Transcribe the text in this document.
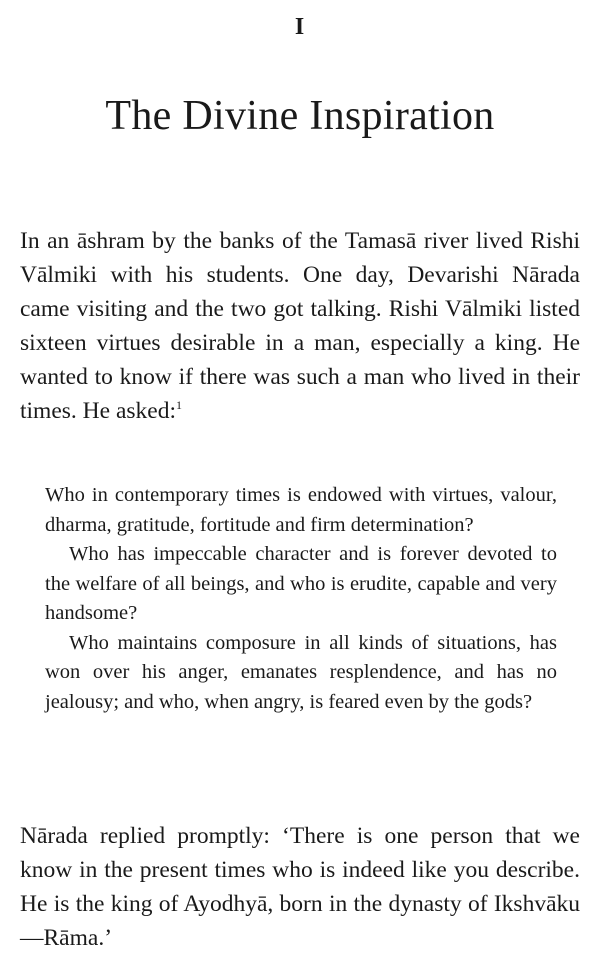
I
The Divine Inspiration

In an āshram by the banks of the Tamasā river lived Rishi Vālmiki with his students. One day, Devarishi Nārada came visiting and the two got talking. Rishi Vālmiki listed sixteen virtues desirable in a man, especially a king. He wanted to know if there was such a man who lived in their times. He asked:$^1$

Who in contemporary times is endowed with virtues, valour, dharma, gratitude, fortitude and firm determination?

Who has impeccable character and is forever devoted to the welfare of all beings, and who is erudite, capable and very handsome?

Who maintains composure in all kinds of situations, has won over his anger, emanates resplendence, and has no jealousy; and who, when angry, is feared even by the gods?

Nārada replied promptly: ‘There is one person that we know in the present times who is indeed like you describe. He is the king of Ayodhyā, born in the dynasty of Ikshvāku—Rāma.’
